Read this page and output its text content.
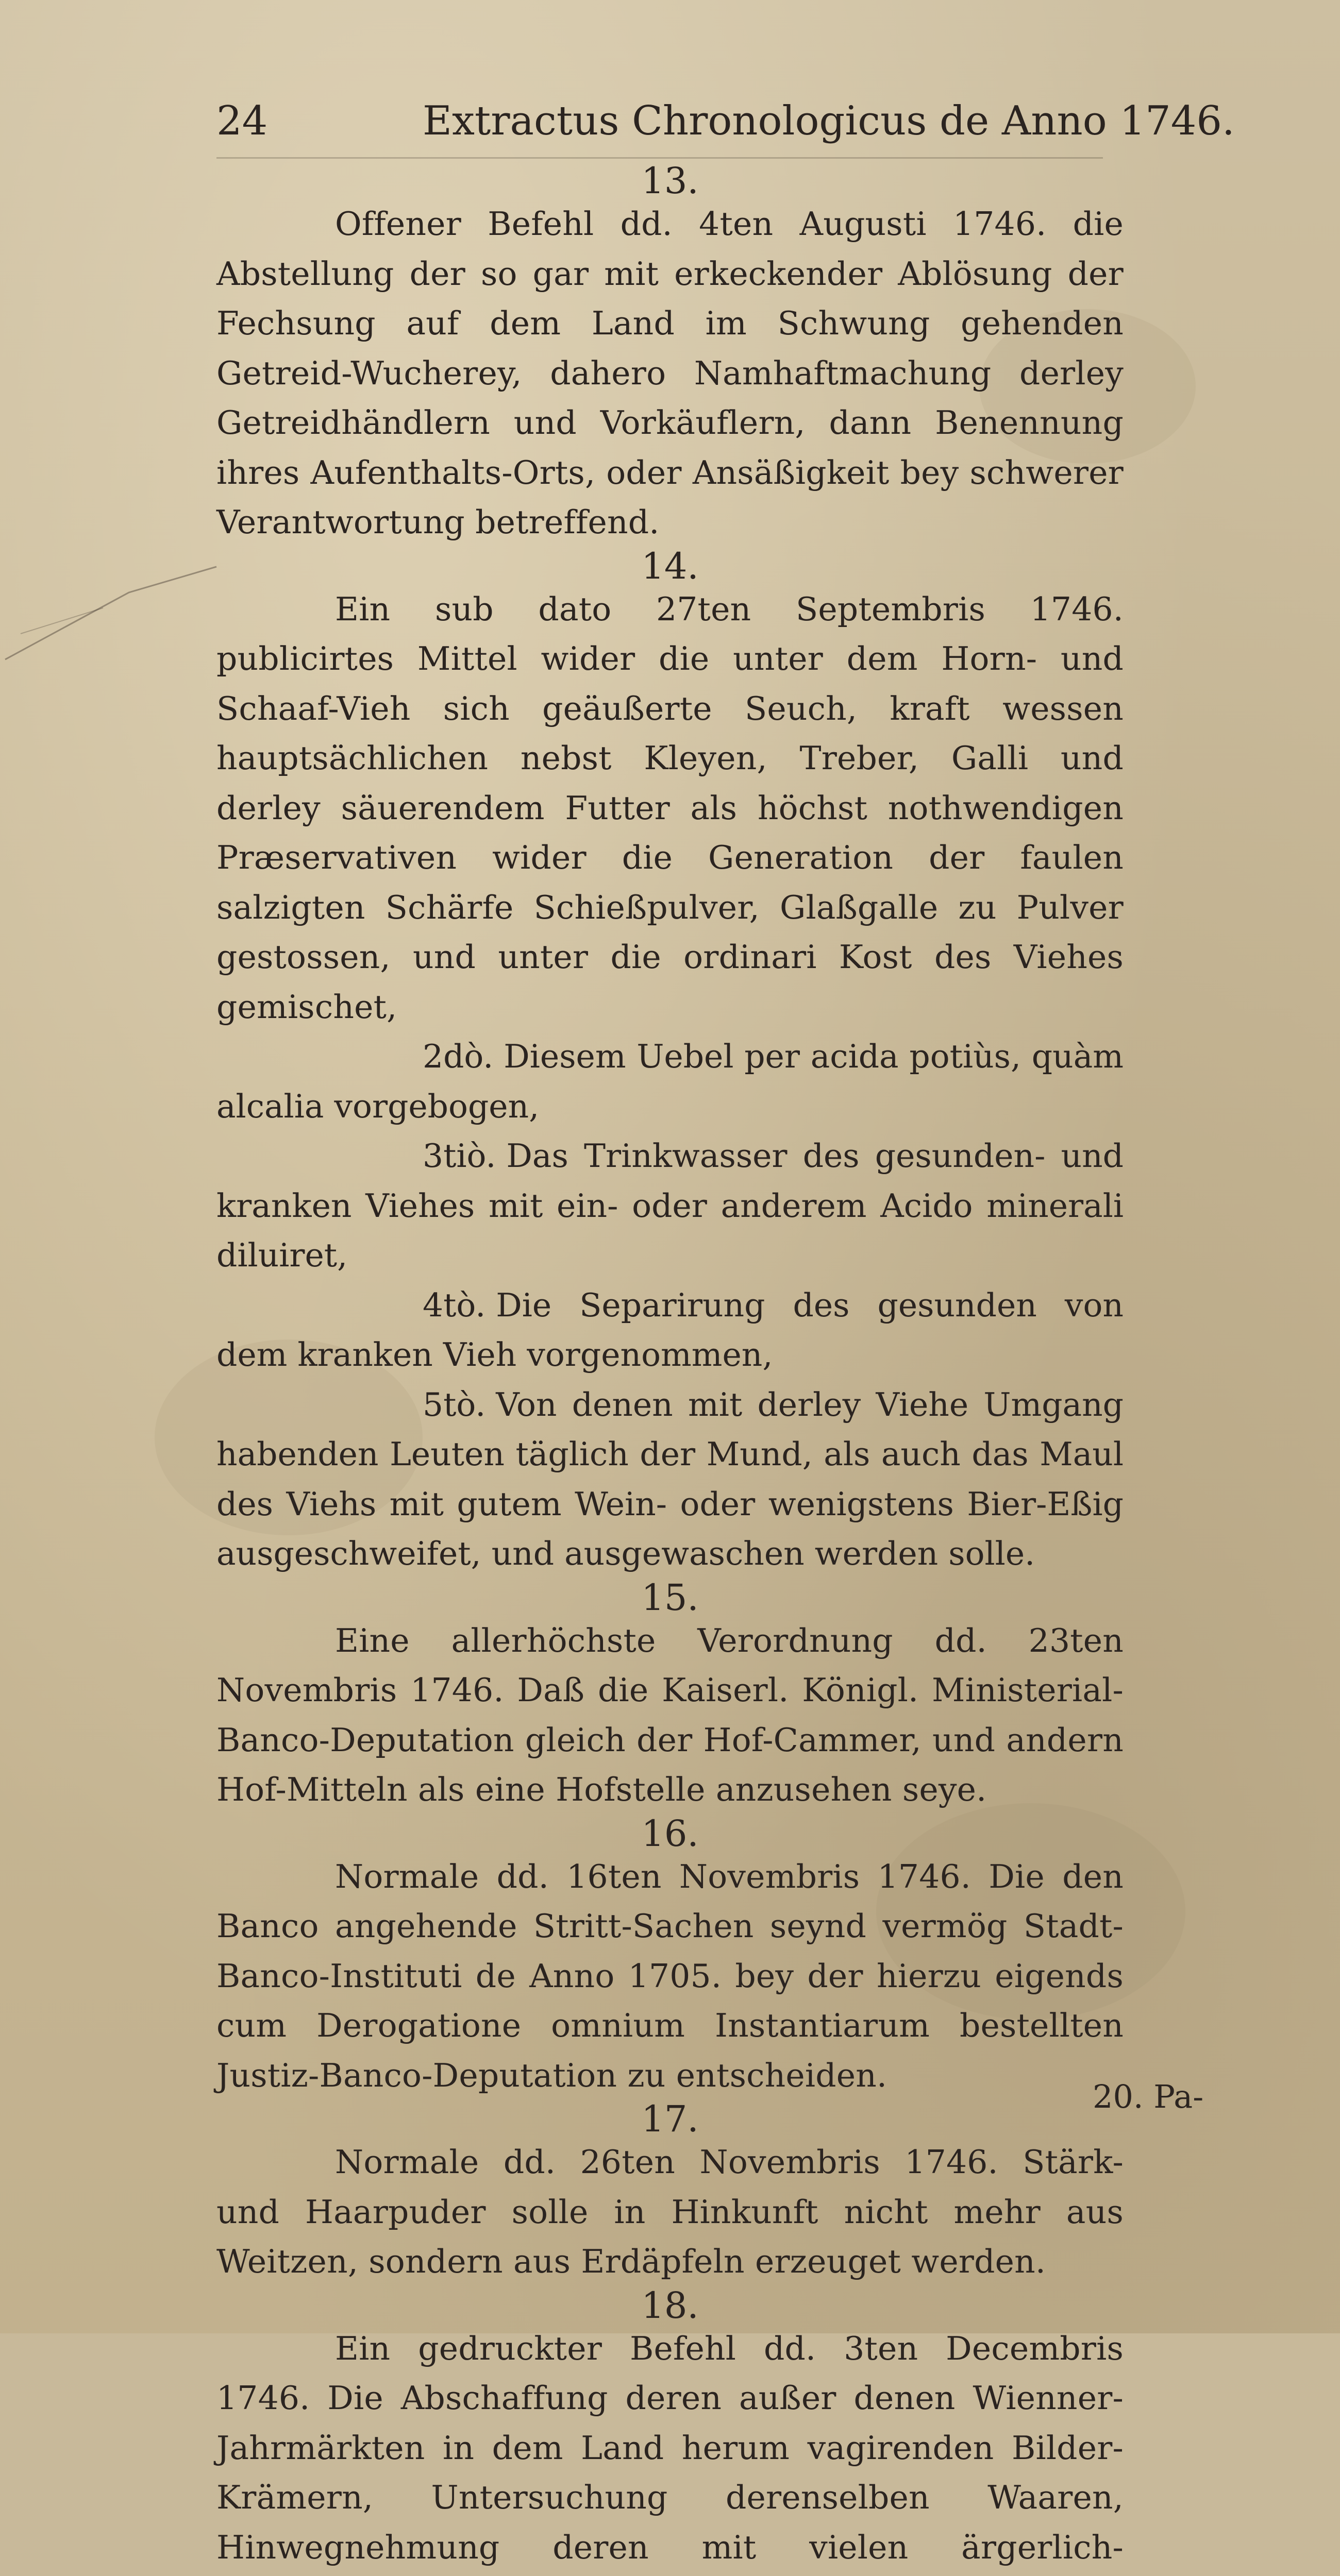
24	Extractus Chronologicus de Anno 1746.
13.

Offener Befehl dd. 4ten Augusti 1746. die Abstellung der so gar mit erkeckender Ablösung der Fechsung auf dem Land im Schwung gehenden Getreid-Wucherey, dahero Namhaftmachung derley Getreidhändlern und Vorkäuflern, dann Benennung ihres Aufenthalts-Orts, oder Ansäßigkeit bey schwerer Verantwortung betreffend.

14.

Ein sub dato 27ten Septembris 1746. publicirtes Mittel wider die unter dem Horn- und Schaaf-Vieh sich geäußerte Seuch, kraft wessen hauptsächlichen nebst Kleyen, Treber, Galli und derley säuerendem Futter als höchst nothwendigen Præservativen wider die Generation der faulen salzigten Schärfe Schießpulver, Glaßgalle zu Pulver gestossen, und unter die ordinari Kost des Viehes gemischet,

2dò. Diesem Uebel per acida potiùs, quàm alcalia vorgebogen,

3tiò. Das Trinkwasser des gesunden- und kranken Viehes mit ein- oder anderem Acido minerali diluiret,

4tò. Die Separirung des gesunden von dem kranken Vieh vorgenommen,

5tò. Von denen mit derley Viehe Umgang habenden Leuten täglich der Mund, als auch das Maul des Viehs mit gutem Wein- oder wenigstens Bier-Eßig ausgeschweifet, und ausgewaschen werden solle.

15.

Eine allerhöchste Verordnung dd. 23ten Novembris 1746. Daß die Kaiserl. Königl. Ministerial-Banco-Deputation gleich der Hof-Cammer, und andern Hof-Mitteln als eine Hofstelle anzusehen seye.

16.

Normale dd. 16ten Novembris 1746. Die den Banco angehende Stritt-Sachen seynd vermög Stadt-Banco-Instituti de Anno 1705. bey der hierzu eigends cum Derogatione omnium Instantiarum bestellten Justiz-Banco-Deputation zu entscheiden.

17.

Normale dd. 26ten Novembris 1746. Stärk- und Haarpuder solle in Hinkunft nicht mehr aus Weitzen, sondern aus Erdäpfeln erzeuget werden.

18.

Ein gedruckter Befehl dd. 3ten Decembris 1746. Die Abschaffung deren außer denen Wienner-Jahrmärkten in dem Land herum vagirenden Bilder-Krämern, Untersuchung derenselben Waaren, Hinwegnehmung deren mit vielen ärgerlich-

20. Pa-
